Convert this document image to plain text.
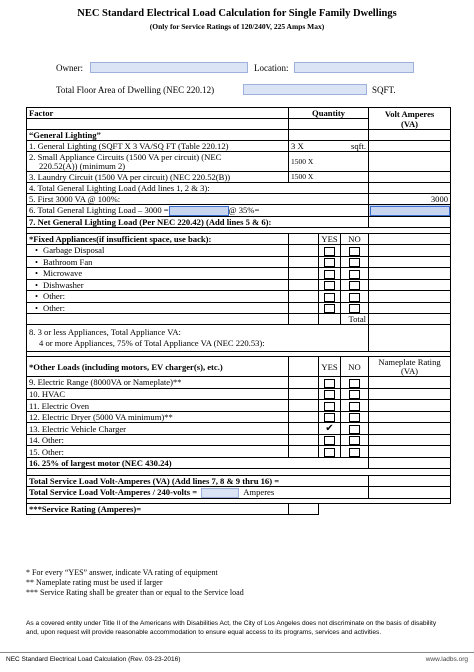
NEC Standard Electrical Load Calculation for Single Family Dwellings
(Only for Service Ratings of 120/240V, 225 Amps Max)
Owner:	Location:
Total Floor Area of Dwelling (NEC 220.12)	SQFT.
Factor	Quantity			Volt Amperes
(VA)

“General Lighting”				
1. General Lighting (SQFT X 3 VA/SQ FT (Table 220.12)	3 X sqft.			

2. Small Appliance Circuits (1500 VA per circuit) (NEC
220.52(A)) (minimum 2)	1500 X			
3. Laundry Circuit (1500 VA per circuit) (NEC 220.52(B))	1500 X			
4. Total General Lighting Load (Add lines 1, 2 & 3):				
5. First 3000 VA @ 100%:				3000
6. Total General Lighting Load – 3000 = @ 35%=				
7. Net General Lighting Load (Per NEC 220.42) (Add lines 5 & 6):				

*Fixed Appliances(if insufficient space, use back):		YES	NO	
• Garbage Disposal				
• Bathroom Fan				
• Microwave				
• Dishwasher				
• Other:				
• Other:				
			Total	

8. 3 or less Appliances, Total Appliance VA:
4 or more Appliances, 75% of Total Appliance VA (NEC 220.53):				

*Other Loads (including motors, EV charger(s), etc.)		YES	NO	Nameplate Rating
(VA)

9. Electric Range (8000VA or Nameplate)**				
10. HVAC				
11. Electric Oven				
12. Electric Dryer (5000 VA minimum)**				
13. Electric Vehicle Charger		✔		
14. Other:				
15. Other:				
16. 25% of largest motor (NEC 430.24)				

Total Service Load Volt-Amperes (VA) (Add lines 7, 8 & 9 thru 16) =				
Total Service Load Volt-Amperes / 240-volts = Amperes				

***Service Rating (Amperes)=				
* For every “YES” answer, indicate VA rating of equipment
** Nameplate rating must be used if larger
*** Service Rating shall be greater than or equal to the Service load
As a covered entity under Title II of the Americans with Disabilities Act, the City of Los Angeles does not discriminate on the basis of disability and, upon request will provide reasonable accommodation to ensure equal access to its programs, services and activities.
NEC Standard Electrical Load Calculation (Rev. 03-23-2016)	www.ladbs.org
